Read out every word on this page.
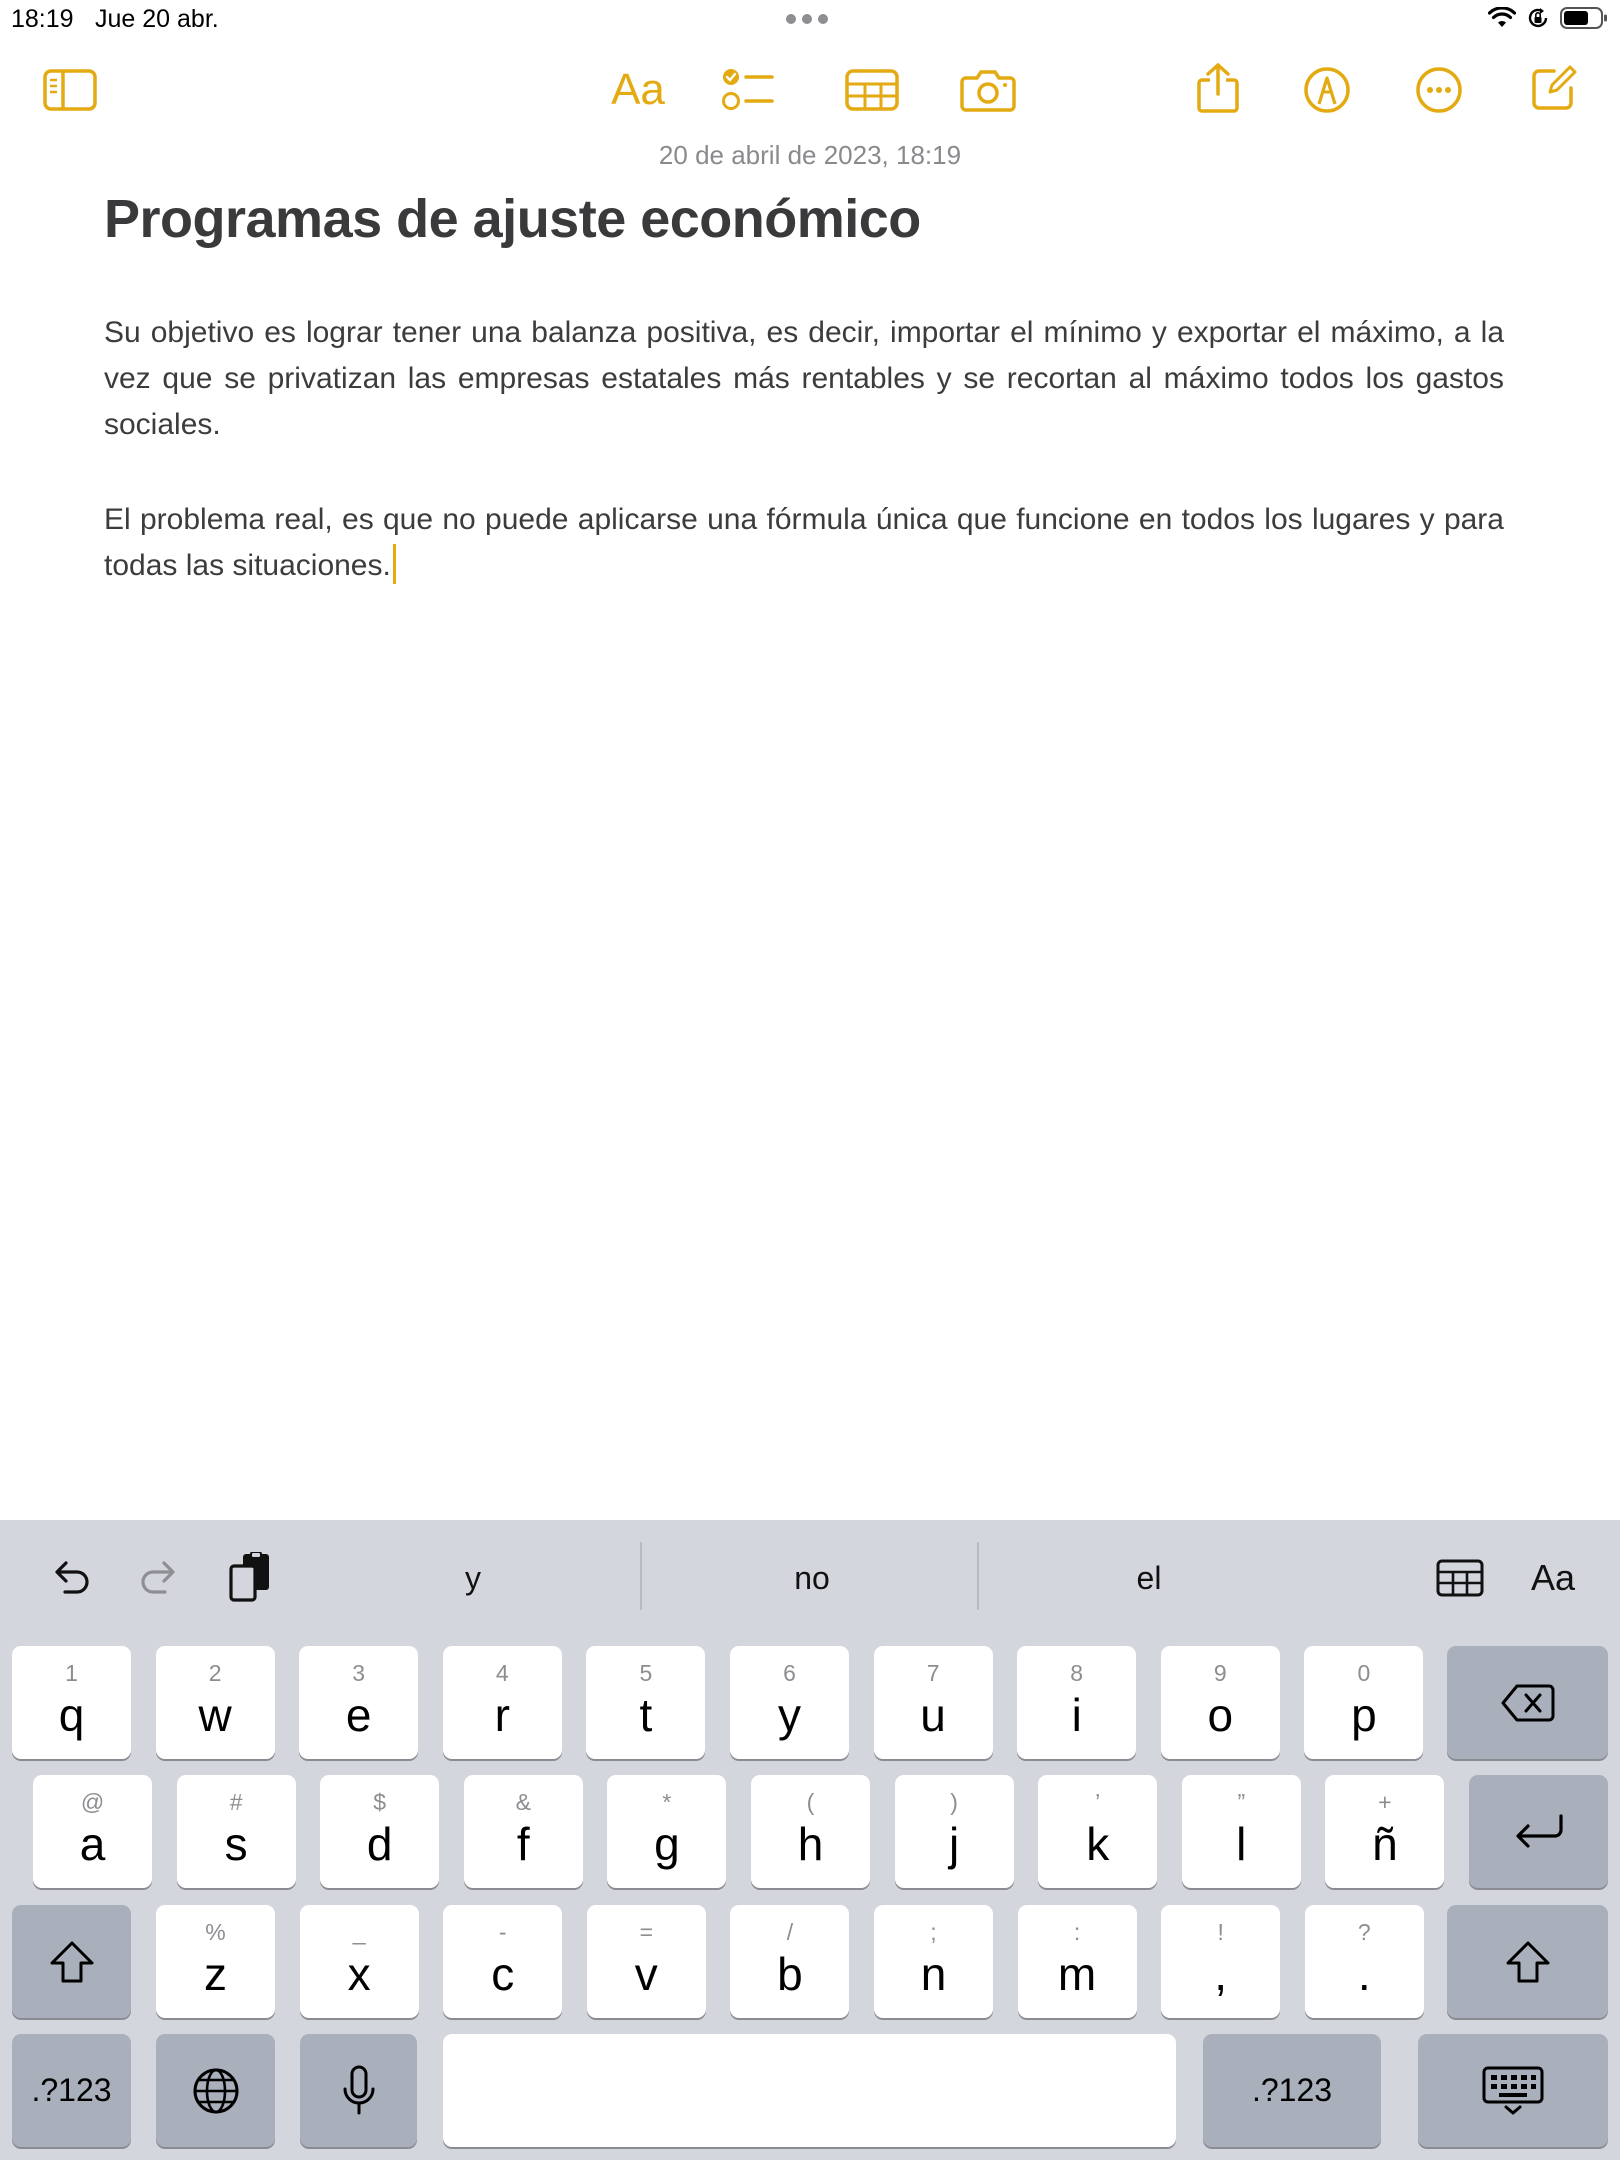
18:19 Jue 20 abr.
Aa
20 de abril de 2023, 18:19
Programas de ajuste económico
Su objetivo es lograr tener una balanza positiva, es decir, importar el mínimo y exportar el máximo, a la vez que se privatizan las empresas estatales más rentables y se recortan al máximo todos los gastos sociales.
El problema real, es que no puede aplicarse una fórmula única que funcione en todos los lugares y para todas las situaciones.
y	no	el	Aa
1
q
2
w
3
e
4
r
5
t
6
y
7
u
8
i
9
o
0
p
@
a
#
s
$
d
&
f
*
g
(
h
)
j
’
k
”
l
+
ñ
%
z
_
x
-
c
=
v
/
b
;
n
:
m
!
,
?
.
.?123	.?123
